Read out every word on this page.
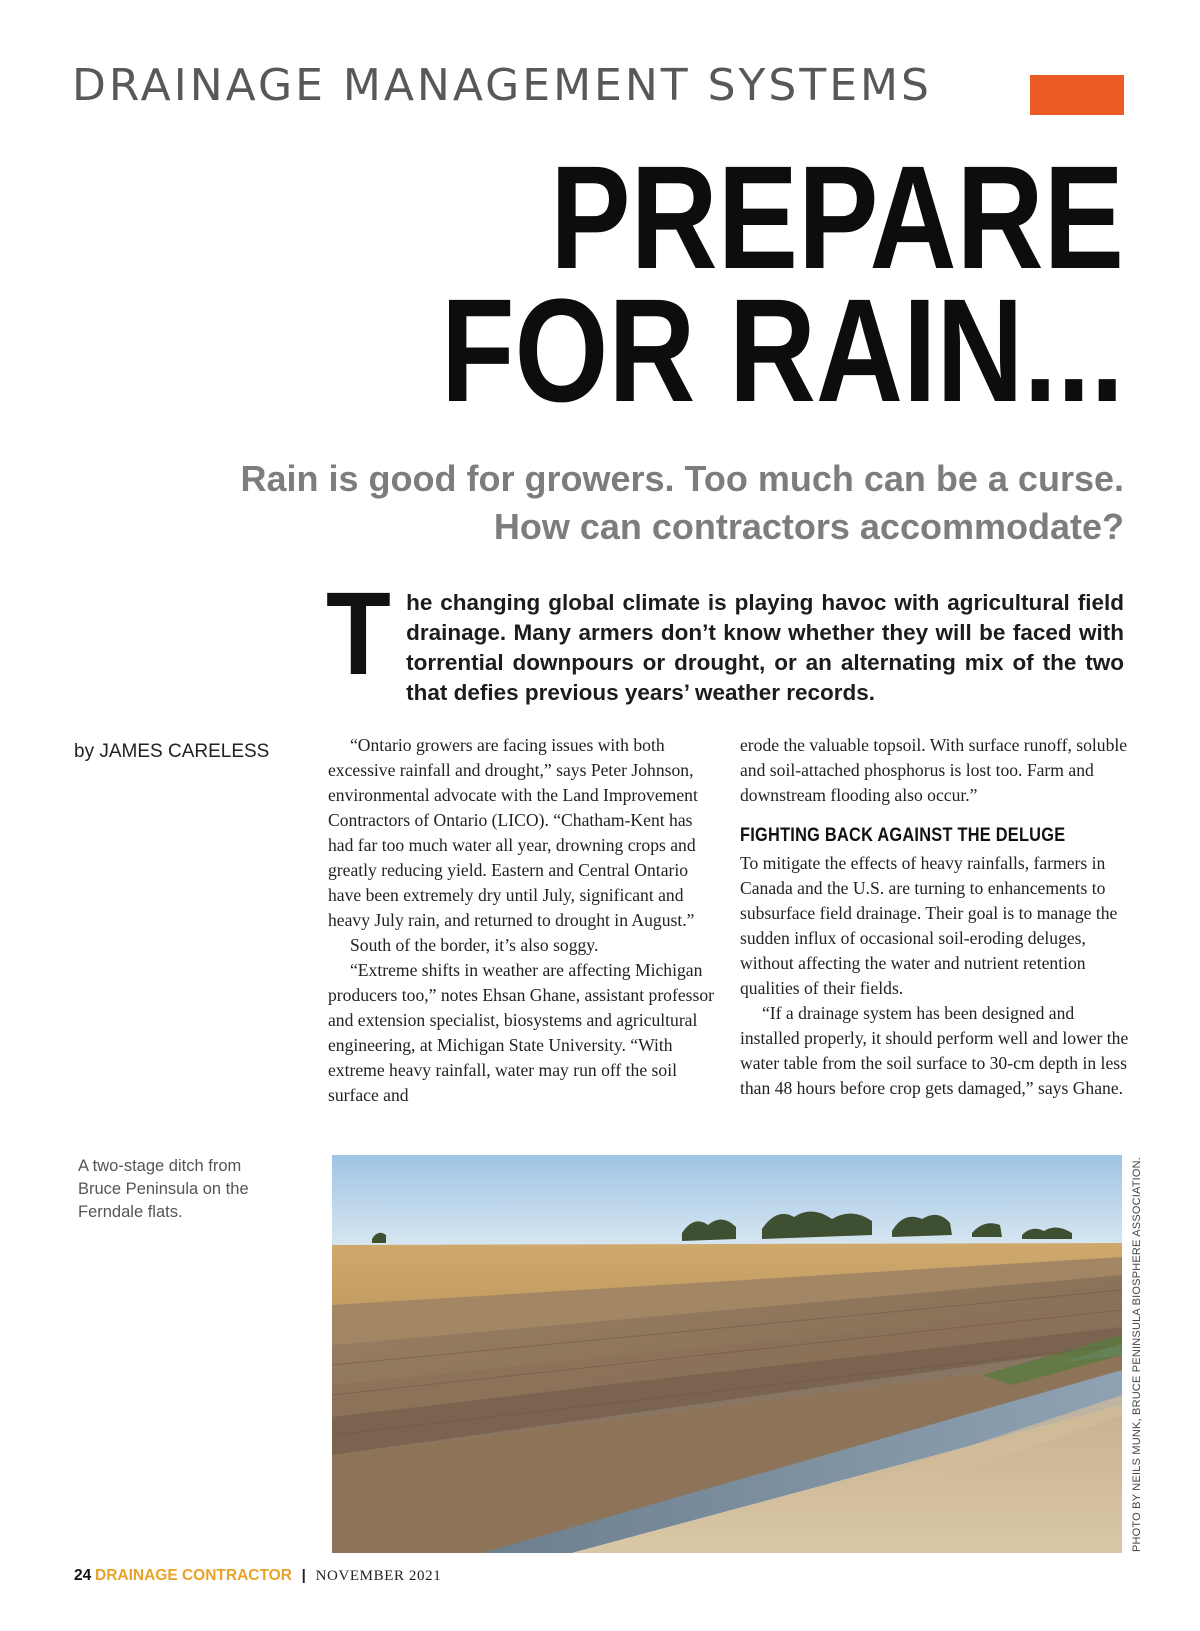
DRAINAGE MANAGEMENT SYSTEMS
PREPARE
FOR RAIN...
Rain is good for growers. Too much can be a curse.
How can contractors accommodate?
T he changing global climate is playing havoc with agricultural field drainage. Many armers don’t know whether they will be faced with torrential downpours or drought, or an alternating mix of the two that defies previous years’ weather records.
by JAMES CARELESS	“Ontario growers are facing issues with both excessive rainfall and drought,” says Peter Johnson, environmental advocate with the Land Improvement Contractors of Ontario (LICO). “Chatham-Kent has had far too much water all year, drowning crops and greatly reducing yield. Eastern and Central Ontario have been extremely dry until July, significant and heavy July rain, and returned to drought in August.”

South of the border, it’s also soggy.

“Extreme shifts in weather are affecting Michigan producers too,” notes Ehsan Ghane, assistant professor and extension specialist, biosystems and agricultural engineering, at Michigan State University. “With extreme heavy rainfall, water may run off the soil surface and

erode the valuable topsoil. With surface runoff, soluble and soil-attached phosphorus is lost too. Farm and downstream flooding also occur.”

FIGHTING BACK AGAINST THE DELUGE

To mitigate the effects of heavy rainfalls, farmers in Canada and the U.S. are turning to enhancements to subsurface field drainage. Their goal is to manage the sudden influx of occasional soil-eroding deluges, without affecting the water and nutrient retention qualities of their fields.

“If a drainage system has been designed and installed properly, it should perform well and lower the water table from the soil surface to 30-cm depth in less than 48 hours before crop gets damaged,” says Ghane.

A two-stage ditch from Bruce Peninsula on the Ferndale flats.	PHOTO BY NEILS MUNK, BRUCE PENINSULA BIOSPHERE ASSOCIATION.
24 DRAINAGE CONTRACTOR | NOVEMBER 2021
